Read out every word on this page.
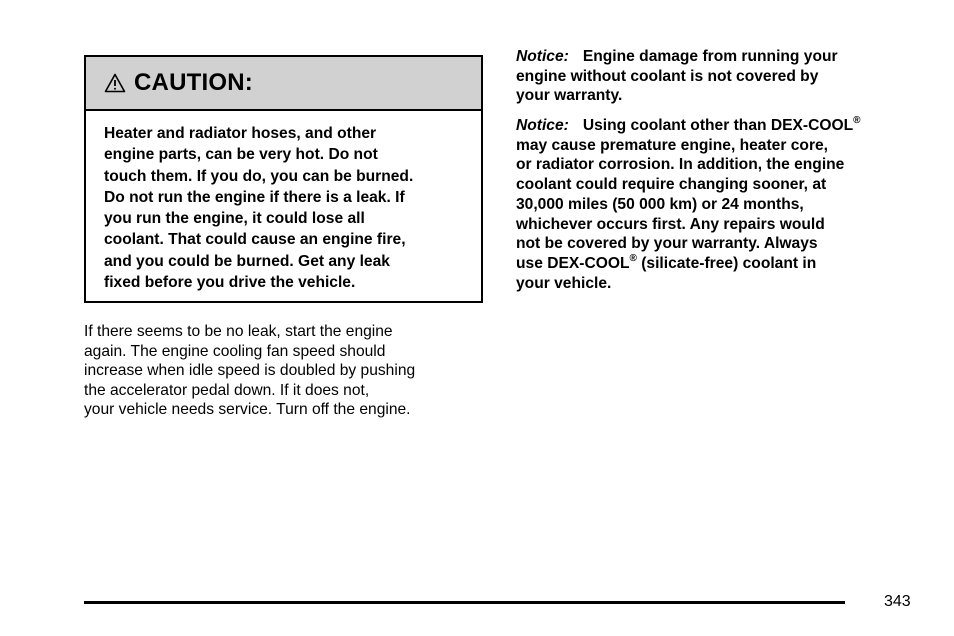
CAUTION:
Heater and radiator hoses, and other
engine parts, can be very hot. Do not
touch them. If you do, you can be burned.
Do not run the engine if there is a leak. If
you run the engine, it could lose all
coolant. That could cause an engine fire,
and you could be burned. Get any leak
fixed before you drive the vehicle.
If there seems to be no leak, start the engine
again. The engine cooling fan speed should
increase when idle speed is doubled by pushing
the accelerator pedal down. If it does not,
your vehicle needs service. Turn off the engine.
Notice: Engine damage from running your
engine without coolant is not covered by
your warranty.
Notice: Using coolant other than DEX-COOL®
may cause premature engine, heater core,
or radiator corrosion. In addition, the engine
coolant could require changing sooner, at
30,000 miles (50 000 km) or 24 months,
whichever occurs first. Any repairs would
not be covered by your warranty. Always
use DEX-COOL® (silicate-free) coolant in
your vehicle.
343
